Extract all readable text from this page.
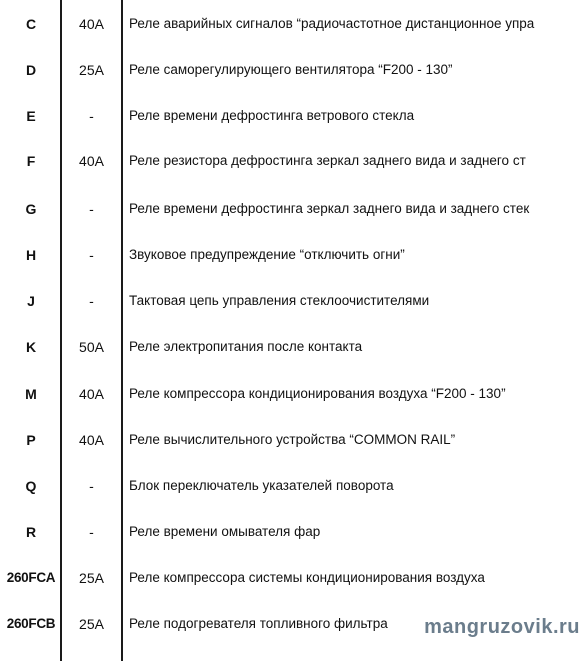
C	40A	Реле аварийных сигналов “радиочастотное дистанционное упра
D	25A	Реле саморегулирующего вентилятора “F200 - 130”
E	-	Реле времени дефростинга ветрового стекла
F	40A	Реле резистора дефростинга зеркал заднего вида и заднего ст
G	-	Реле времени дефростинга зеркал заднего вида и заднего стек
H	-	Звуковое предупреждение “отключить огни”
J	-	Тактовая цепь управления стеклоочистителями
K	50A	Реле электропитания после контакта
M	40A	Реле компрессора кондиционирования воздуха “F200 - 130”
P	40A	Реле вычислительного устройства “COMMON RAIL”
Q	-	Блок переключатель указателей поворота
R	-	Реле времени омывателя фар
260FCA	25A	Реле компрессора системы кондиционирования воздуха
260FCB	25A	Реле подогревателя топливного фильтра	mangruzovik.ru
